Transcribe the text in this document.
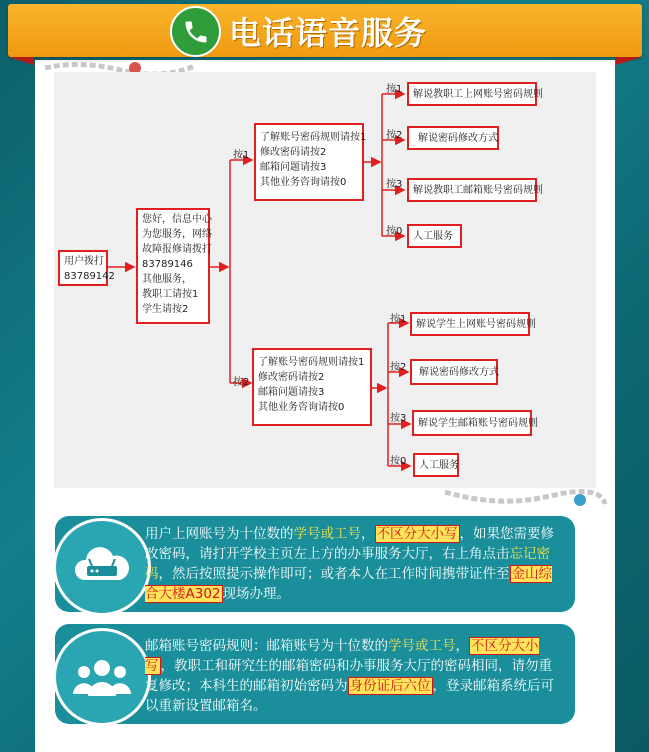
电话语音服务
用户拨打
83789142
您好，信息中心
为您服务，网络
故障报修请拨打
83789146
其他服务，
教职工请按1
学生请按2
按1
按2
了解账号密码规则请按1
修改密码请按2
邮箱问题请按3
其他业务咨询请按0
了解账号密码规则请按1
修改密码请按2
邮箱问题请按3
其他业务咨询请按0
按1
按2
按3
按0
解说教职工上网账号密码规则
解说密码修改方式
解说教职工邮箱账号密码规则
人工服务
按1
按2
按3
按0
解说学生上网账号密码规则
解说密码修改方式
解说学生邮箱账号密码规则
人工服务
用户上网账号为十位数的学号或工号， 不区分大小写 ，如果您需要修改密码，请打开学校主页左上方的办事服务大厅，右上角点击忘记密码，然后按照提示操作即可；或者本人在工作时间携带证件至 金山综合大楼A302 现场办理。
邮箱账号密码规则：邮箱账号为十位数的学号或工号， 不区分大小写 ，教职工和研究生的邮箱密码和办事服务大厅的密码相同，请勿重复修改；本科生的邮箱初始密码为 身份证后六位 ，登录邮箱系统后可以重新设置邮箱名。
